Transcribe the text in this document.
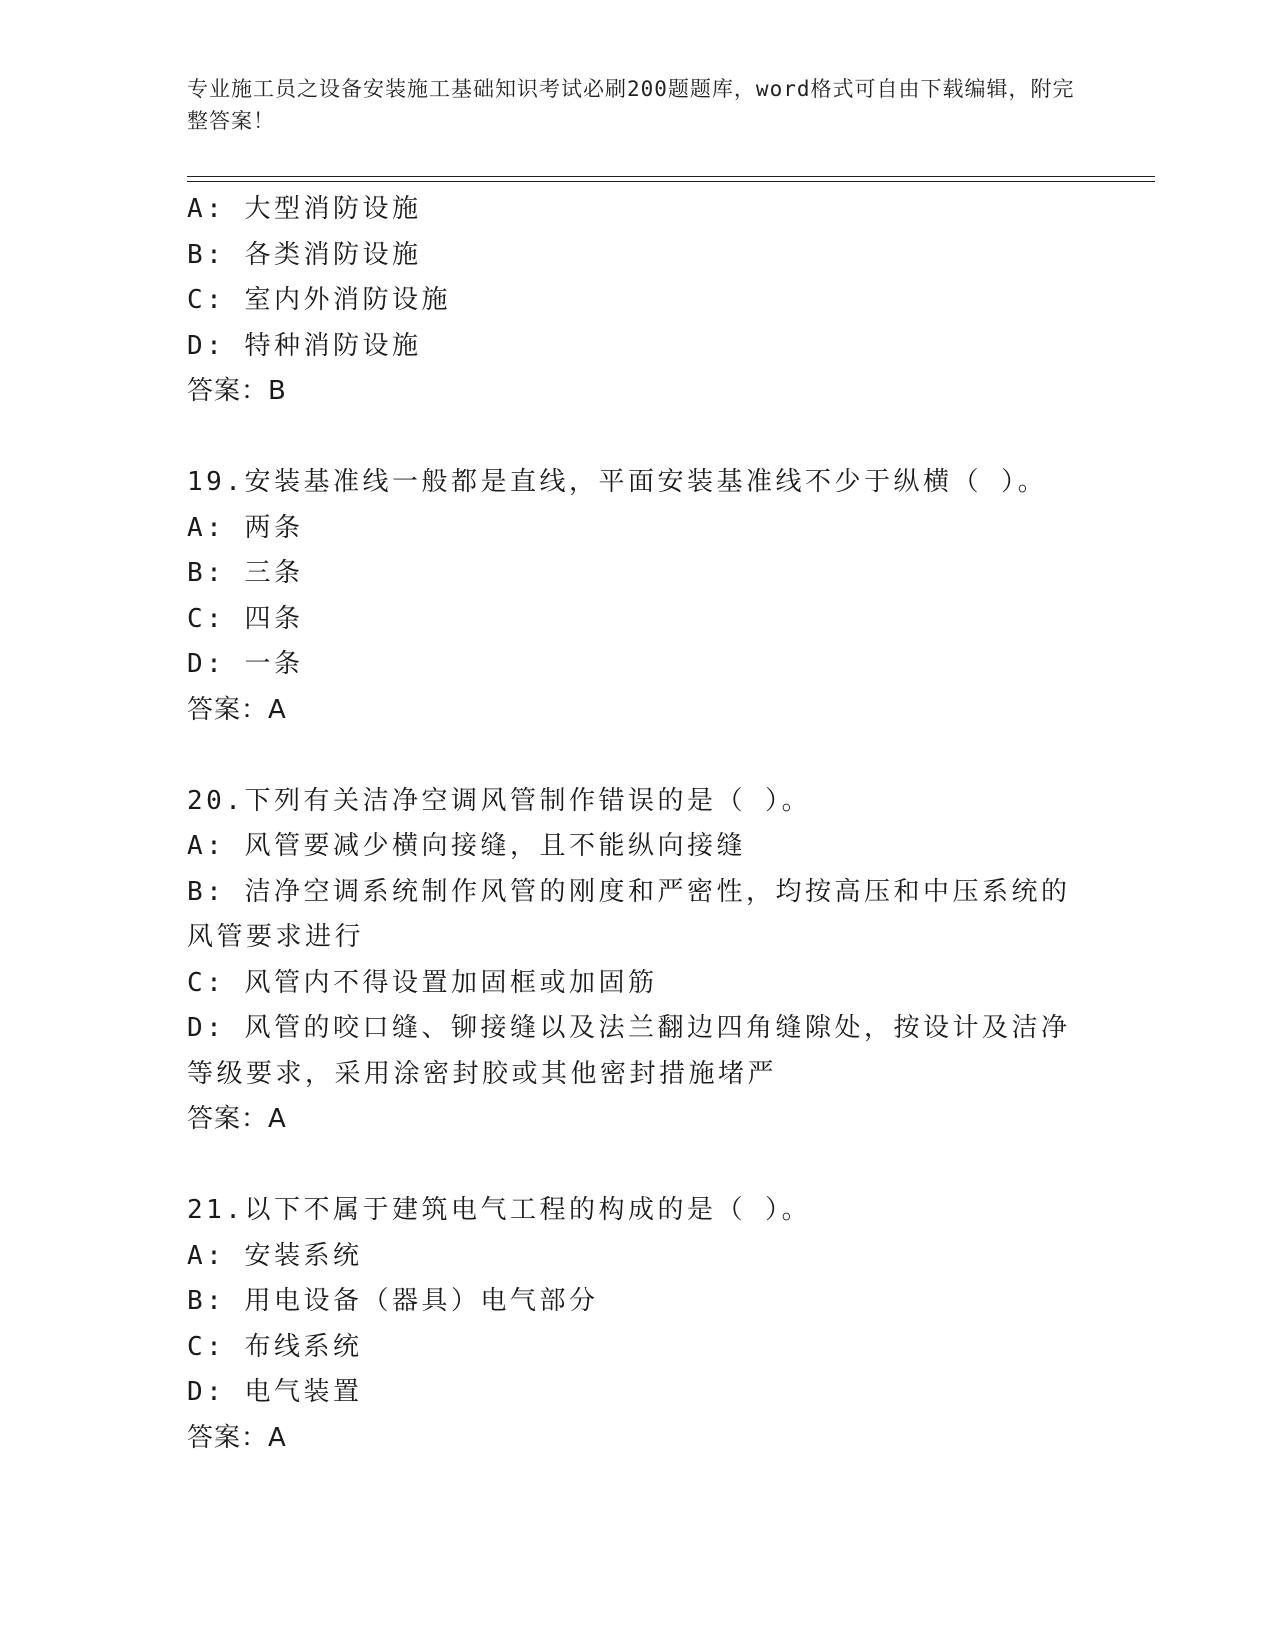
专业施工员之设备安装施工基础知识考试必刷200题题库，word格式可自由下载编辑，附完整答案！
A: 大型消防设施
B: 各类消防设施
C: 室内外消防设施
D: 特种消防设施
答案：B
19.安装基准线一般都是直线，平面安装基准线不少于纵横（ ）。
A: 两条
B: 三条
C: 四条
D: 一条
答案：A
20.下列有关洁净空调风管制作错误的是（ ）。
A: 风管要减少横向接缝，且不能纵向接缝
B: 洁净空调系统制作风管的刚度和严密性，均按高压和中压系统的风管要求进行
C: 风管内不得设置加固框或加固筋
D: 风管的咬口缝、铆接缝以及法兰翻边四角缝隙处，按设计及洁净等级要求，采用涂密封胶或其他密封措施堵严
答案：A
21.以下不属于建筑电气工程的构成的是（ ）。
A: 安装系统
B: 用电设备（器具）电气部分
C: 布线系统
D: 电气装置
答案：A
